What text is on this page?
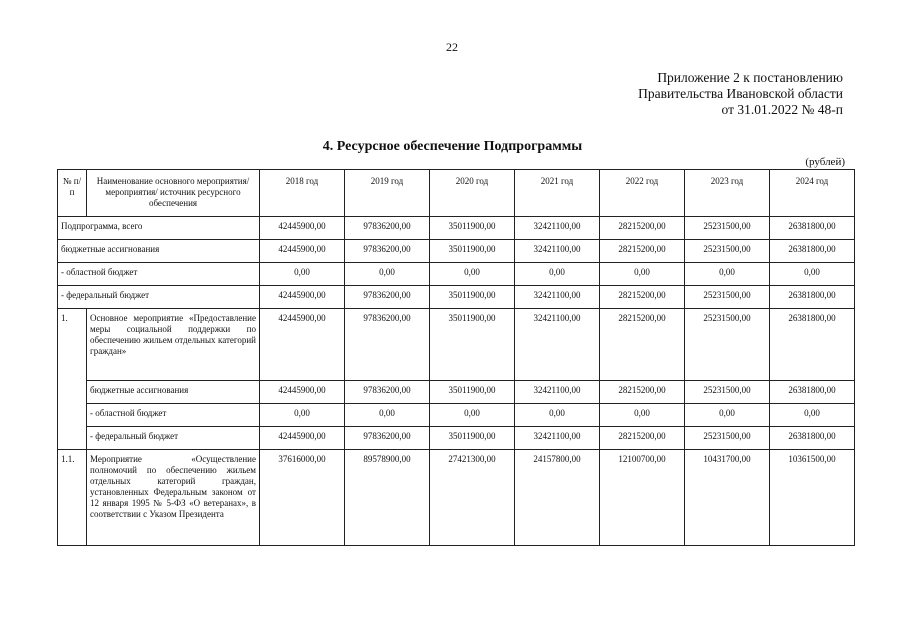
22
Приложение 2 к постановлению
Правительства Ивановской области
от 31.01.2022 № 48-п
4. Ресурсное обеспечение Подпрограммы
(рублей)
№ п/п	Наименование основного мероприятия/мероприятия/ источник ресурсного обеспечения	2018 год	2019 год	2020 год	2021 год	2022 год	2023 год	2024 год
Подпрограмма, всего		42445900,00	97836200,00	35011900,00	32421100,00	28215200,00	25231500,00	26381800,00
бюджетные ассигнования		42445900,00	97836200,00	35011900,00	32421100,00	28215200,00	25231500,00	26381800,00
- областной бюджет		0,00	0,00	0,00	0,00	0,00	0,00	0,00
- федеральный бюджет		42445900,00	97836200,00	35011900,00	32421100,00	28215200,00	25231500,00	26381800,00
1.	Основное мероприятие «Предоставление меры социальной поддержки по обеспечению жильем отдельных категорий граждан»	42445900,00	97836200,00	35011900,00	32421100,00	28215200,00	25231500,00	26381800,00
	бюджетные ассигнования	42445900,00	97836200,00	35011900,00	32421100,00	28215200,00	25231500,00	26381800,00
	- областной бюджет	0,00	0,00	0,00	0,00	0,00	0,00	0,00
	- федеральный бюджет	42445900,00	97836200,00	35011900,00	32421100,00	28215200,00	25231500,00	26381800,00
1.1.	Мероприятие «Осуществление полномочий по обеспечению жильем отдельных категорий граждан, установленных Федеральным законом от 12 января 1995 № 5-ФЗ «О ветеранах», в соответствии с Указом Президента	37616000,00	89578900,00	27421300,00	24157800,00	12100700,00	10431700,00	10361500,00
